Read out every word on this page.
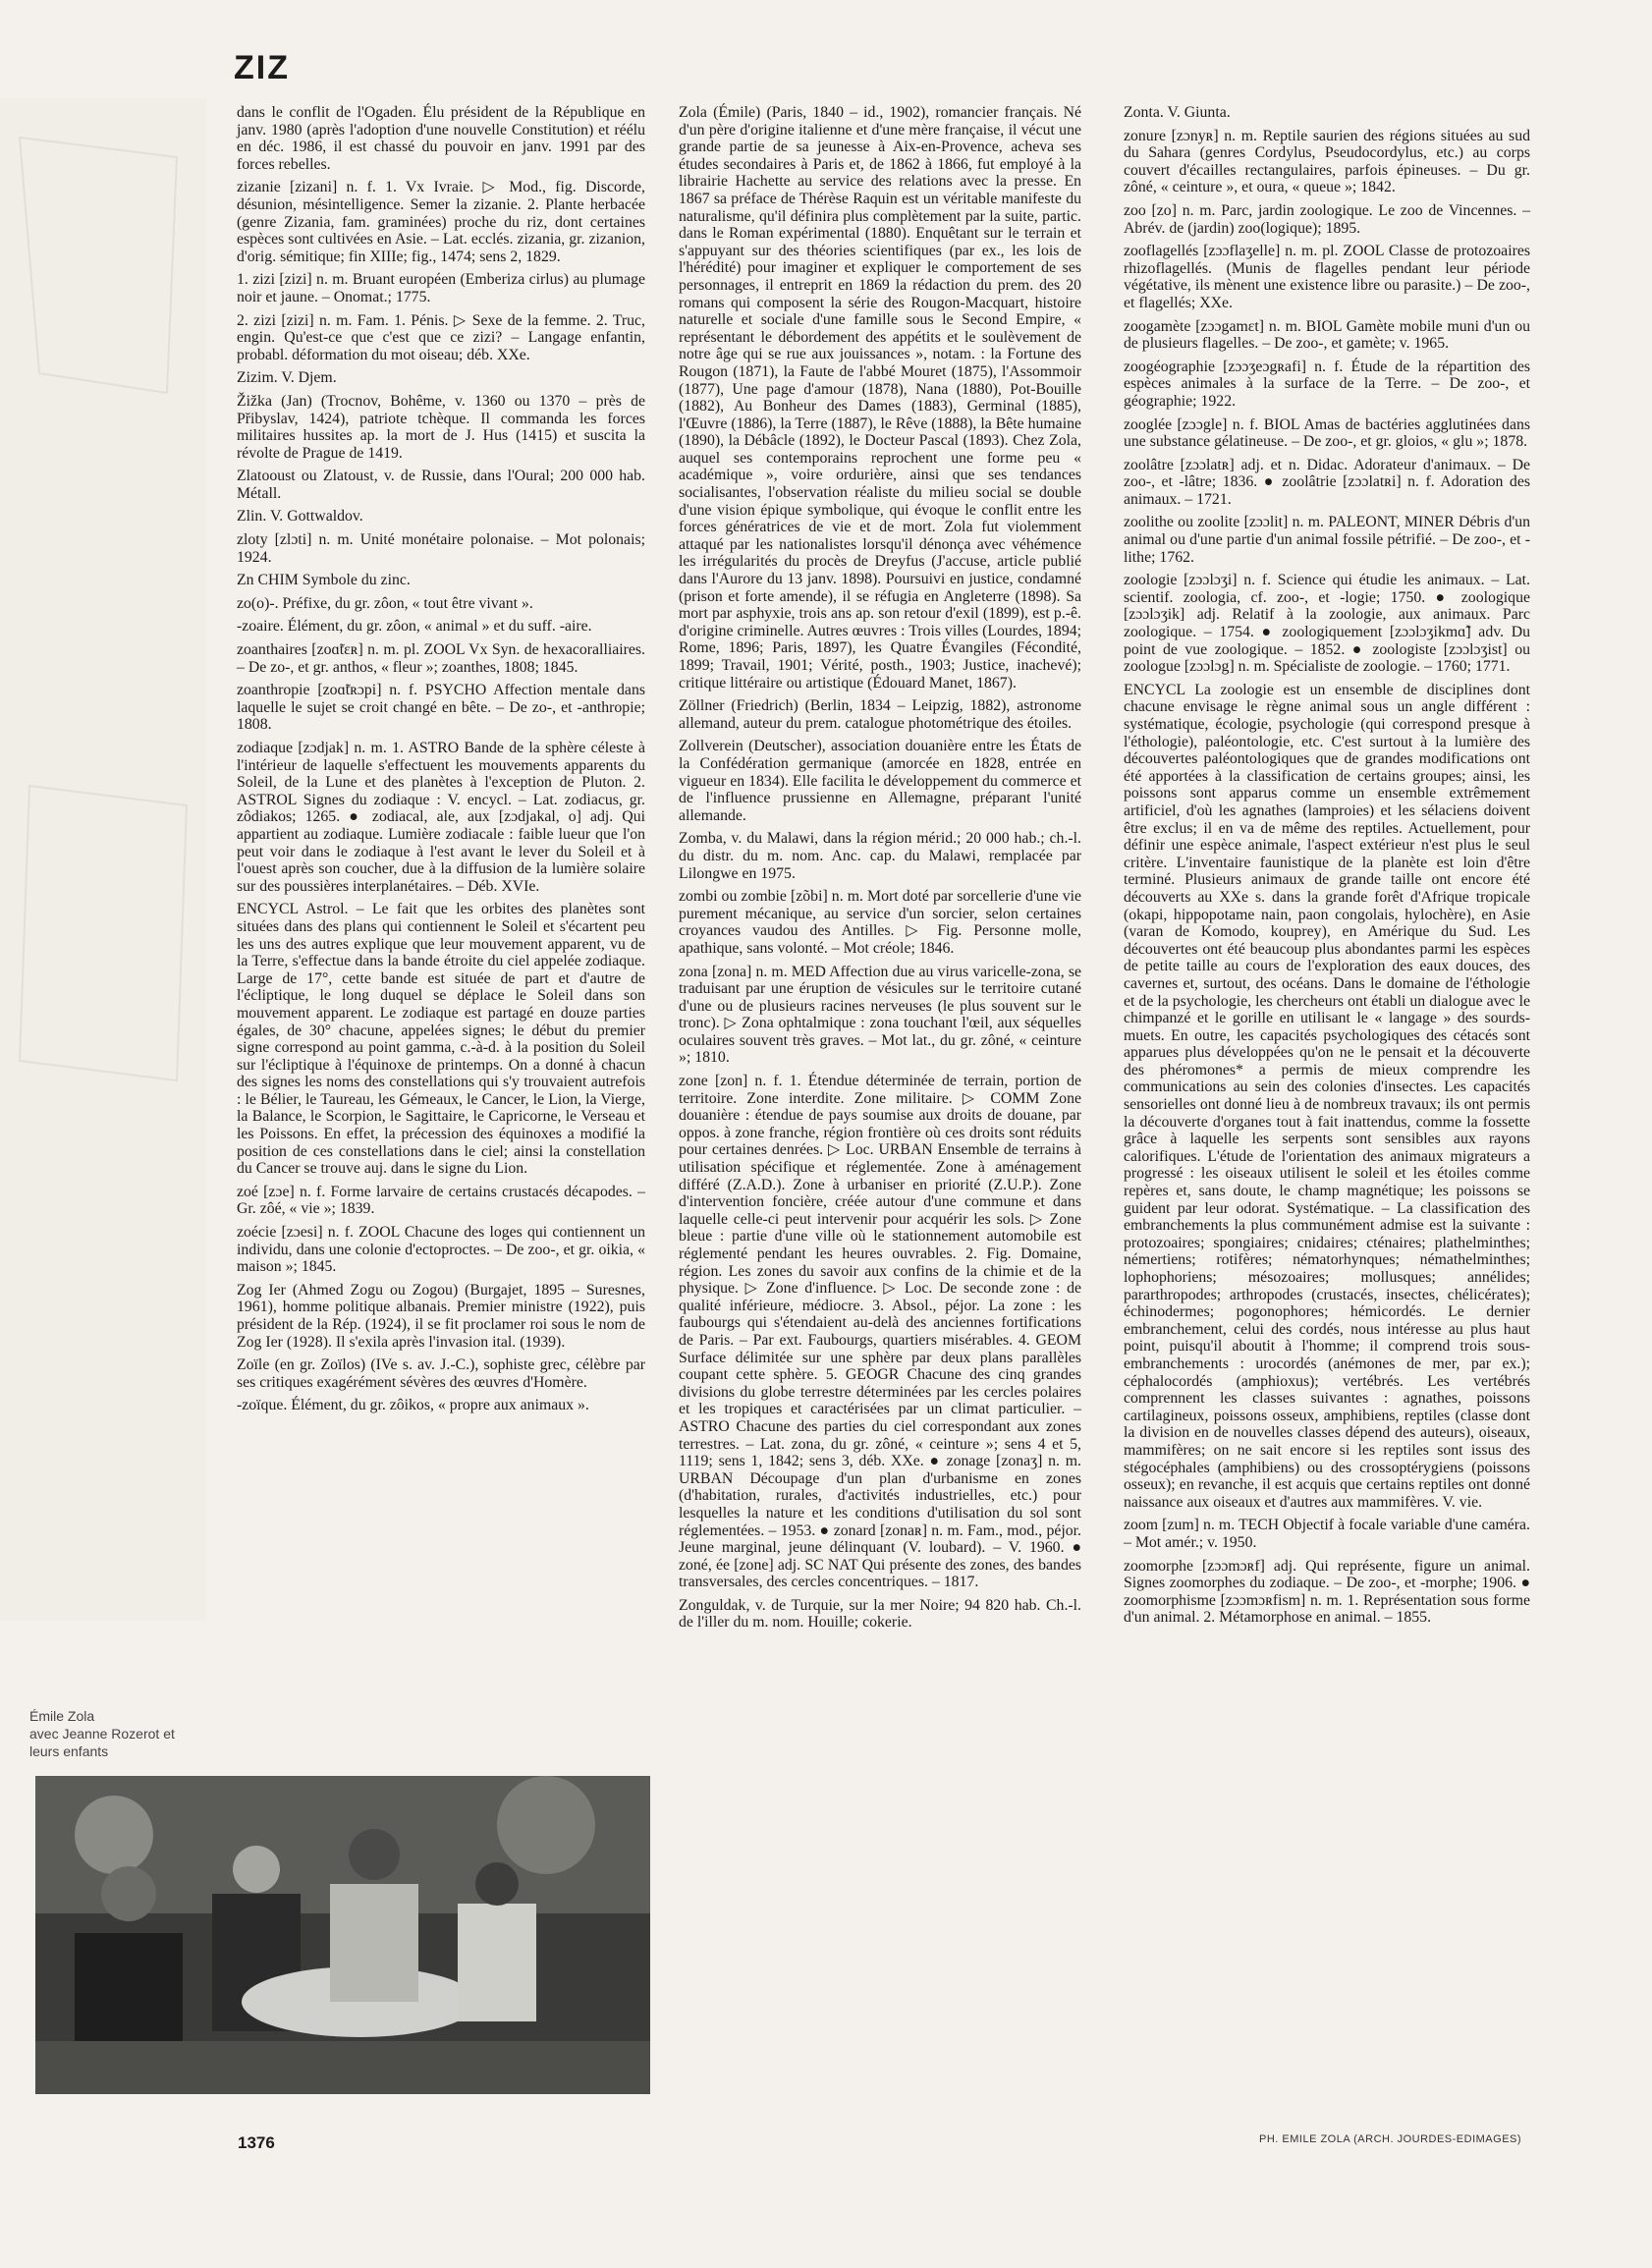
ZIZ

dans le conflit de l'Ogaden. Élu président de la République en janv. 1980 (après l'adoption d'une nouvelle Constitution) et réélu en déc. 1986, il est chassé du pouvoir en janv. 1991 par des forces rebelles.

zizanie [zizani] n. f. 1. Vx Ivraie. ▷ Mod., fig. Discorde, désunion, mésintelligence. Semer la zizanie. 2. Plante herbacée (genre Zizania, fam. graminées) proche du riz, dont certaines espèces sont cultivées en Asie. – Lat. ecclés. zizania, gr. zizanion, d'orig. sémitique; fin XIIIe; fig., 1474; sens 2, 1829.

1. zizi [zizi] n. m. Bruant européen (Emberiza cirlus) au plumage noir et jaune. – Onomat.; 1775.

2. zizi [zizi] n. m. Fam. 1. Pénis. ▷ Sexe de la femme. 2. Truc, engin. Qu'est-ce que c'est que ce zizi? – Langage enfantin, probabl. déformation du mot oiseau; déb. XXe.

Zizim. V. Djem.

Žižka (Jan) (Trocnov, Bohême, v. 1360 ou 1370 – près de Přibyslav, 1424), patriote tchèque. Il commanda les forces militaires hussites ap. la mort de J. Hus (1415) et suscita la révolte de Prague de 1419.

Zlatooust ou Zlatoust, v. de Russie, dans l'Oural; 200 000 hab. Métall.

Zlin. V. Gottwaldov.

zloty [zlɔti] n. m. Unité monétaire polonaise. – Mot polonais; 1924.

Zn CHIM Symbole du zinc.

zo(o)-. Préfixe, du gr. zôon, « tout être vivant ».

-zoaire. Élément, du gr. zôon, « animal » et du suff. -aire.

zoanthaires [zoɑ̃tɛʀ] n. m. pl. ZOOL Vx Syn. de hexacoralliaires. – De zo-, et gr. anthos, « fleur »; zoanthes, 1808; 1845.

zoanthropie [zoɑ̃tʀɔpi] n. f. PSYCHO Affection mentale dans laquelle le sujet se croit changé en bête. – De zo-, et -anthropie; 1808.

zodiaque [zɔdjak] n. m. 1. ASTRO Bande de la sphère céleste à l'intérieur de laquelle s'effectuent les mouvements apparents du Soleil, de la Lune et des planètes à l'exception de Pluton. 2. ASTROL Signes du zodiaque : V. encycl. – Lat. zodiacus, gr. zôdiakos; 1265. ● zodiacal, ale, aux [zɔdjakal, o] adj. Qui appartient au zodiaque. Lumière zodiacale : faible lueur que l'on peut voir dans le zodiaque à l'est avant le lever du Soleil et à l'ouest après son coucher, due à la diffusion de la lumière solaire sur des poussières interplanétaires. – Déb. XVIe.

ENCYCL Astrol. – Le fait que les orbites des planètes sont situées dans des plans qui contiennent le Soleil et s'écartent peu les uns des autres explique que leur mouvement apparent, vu de la Terre, s'effectue dans la bande étroite du ciel appelée zodiaque. Large de 17°, cette bande est située de part et d'autre de l'écliptique, le long duquel se déplace le Soleil dans son mouvement apparent. Le zodiaque est partagé en douze parties égales, de 30° chacune, appelées signes; le début du premier signe correspond au point gamma, c.-à-d. à la position du Soleil sur l'écliptique à l'équinoxe de printemps. On a donné à chacun des signes les noms des constellations qui s'y trouvaient autrefois : le Bélier, le Taureau, les Gémeaux, le Cancer, le Lion, la Vierge, la Balance, le Scorpion, le Sagittaire, le Capricorne, le Verseau et les Poissons. En effet, la précession des équinoxes a modifié la position de ces constellations dans le ciel; ainsi la constellation du Cancer se trouve auj. dans le signe du Lion.

zoé [zɔe] n. f. Forme larvaire de certains crustacés décapodes. – Gr. zôé, « vie »; 1839.

zoécie [zɔesi] n. f. ZOOL Chacune des loges qui contiennent un individu, dans une colonie d'ectoproctes. – De zoo-, et gr. oikia, « maison »; 1845.

Zog Ier (Ahmed Zogu ou Zogou) (Burgajet, 1895 – Suresnes, 1961), homme politique albanais. Premier ministre (1922), puis président de la Rép. (1924), il se fit proclamer roi sous le nom de Zog Ier (1928). Il s'exila après l'invasion ital. (1939).

Zoïle (en gr. Zoïlos) (IVe s. av. J.-C.), sophiste grec, célèbre par ses critiques exagérément sévères des œuvres d'Homère.

-zoïque. Élément, du gr. zôikos, « propre aux animaux ».

Zola (Émile) (Paris, 1840 – id., 1902), romancier français. Né d'un père d'origine italienne et d'une mère française, il vécut une grande partie de sa jeunesse à Aix-en-Provence, acheva ses études secondaires à Paris et, de 1862 à 1866, fut employé à la librairie Hachette au service des relations avec la presse. En 1867 sa préface de Thérèse Raquin est un véritable manifeste du naturalisme, qu'il définira plus complètement par la suite, partic. dans le Roman expérimental (1880). Enquêtant sur le terrain et s'appuyant sur des théories scientifiques (par ex., les lois de l'hérédité) pour imaginer et expliquer le comportement de ses personnages, il entreprit en 1869 la rédaction du prem. des 20 romans qui composent la série des Rougon-Macquart, histoire naturelle et sociale d'une famille sous le Second Empire, « représentant le débordement des appétits et le soulèvement de notre âge qui se rue aux jouissances », notam. : la Fortune des Rougon (1871), la Faute de l'abbé Mouret (1875), l'Assommoir (1877), Une page d'amour (1878), Nana (1880), Pot-Bouille (1882), Au Bonheur des Dames (1883), Germinal (1885), l'Œuvre (1886), la Terre (1887), le Rêve (1888), la Bête humaine (1890), la Débâcle (1892), le Docteur Pascal (1893). Chez Zola, auquel ses contemporains reprochent une forme peu « académique », voire ordurière, ainsi que ses tendances socialisantes, l'observation réaliste du milieu social se double d'une vision épique symbolique, qui évoque le conflit entre les forces génératrices de vie et de mort. Zola fut violemment attaqué par les nationalistes lorsqu'il dénonça avec véhémence les irrégularités du procès de Dreyfus (J'accuse, article publié dans l'Aurore du 13 janv. 1898). Poursuivi en justice, condamné (prison et forte amende), il se réfugia en Angleterre (1898). Sa mort par asphyxie, trois ans ap. son retour d'exil (1899), est p.-ê. d'origine criminelle. Autres œuvres : Trois villes (Lourdes, 1894; Rome, 1896; Paris, 1897), les Quatre Évangiles (Fécondité, 1899; Travail, 1901; Vérité, posth., 1903; Justice, inachevé); critique littéraire ou artistique (Édouard Manet, 1867).

Zöllner (Friedrich) (Berlin, 1834 – Leipzig, 1882), astronome allemand, auteur du prem. catalogue photométrique des étoiles.

Zollverein (Deutscher), association douanière entre les États de la Confédération germanique (amorcée en 1828, entrée en vigueur en 1834). Elle facilita le développement du commerce et de l'influence prussienne en Allemagne, préparant l'unité allemande.

Zomba, v. du Malawi, dans la région mérid.; 20 000 hab.; ch.-l. du distr. du m. nom. Anc. cap. du Malawi, remplacée par Lilongwe en 1975.

zombi ou zombie [zõbi] n. m. Mort doté par sorcellerie d'une vie purement mécanique, au service d'un sorcier, selon certaines croyances vaudou des Antilles. ▷ Fig. Personne molle, apathique, sans volonté. – Mot créole; 1846.

zona [zona] n. m. MED Affection due au virus varicelle-zona, se traduisant par une éruption de vésicules sur le territoire cutané d'une ou de plusieurs racines nerveuses (le plus souvent sur le tronc). ▷ Zona ophtalmique : zona touchant l'œil, aux séquelles oculaires souvent très graves. – Mot lat., du gr. zôné, « ceinture »; 1810.

zone [zon] n. f. 1. Étendue déterminée de terrain, portion de territoire. Zone interdite. Zone militaire. ▷ COMM Zone douanière : étendue de pays soumise aux droits de douane, par oppos. à zone franche, région frontière où ces droits sont réduits pour certaines denrées. ▷ Loc. URBAN Ensemble de terrains à utilisation spécifique et réglementée. Zone à aménagement différé (Z.A.D.). Zone à urbaniser en priorité (Z.U.P.). Zone d'intervention foncière, créée autour d'une commune et dans laquelle celle-ci peut intervenir pour acquérir les sols. ▷ Zone bleue : partie d'une ville où le stationnement automobile est réglementé pendant les heures ouvrables. 2. Fig. Domaine, région. Les zones du savoir aux confins de la chimie et de la physique. ▷ Zone d'influence. ▷ Loc. De seconde zone : de qualité inférieure, médiocre. 3. Absol., péjor. La zone : les faubourgs qui s'étendaient au-delà des anciennes fortifications de Paris. – Par ext. Faubourgs, quartiers misérables. 4. GEOM Surface délimitée sur une sphère par deux plans parallèles coupant cette sphère. 5. GEOGR Chacune des cinq grandes divisions du globe terrestre déterminées par les cercles polaires et les tropiques et caractérisées par un climat particulier. – ASTRO Chacune des parties du ciel correspondant aux zones terrestres. – Lat. zona, du gr. zôné, « ceinture »; sens 4 et 5, 1119; sens 1, 1842; sens 3, déb. XXe. ● zonage [zonaʒ] n. m. URBAN Découpage d'un plan d'urbanisme en zones (d'habitation, rurales, d'activités industrielles, etc.) pour lesquelles la nature et les conditions d'utilisation du sol sont réglementées. – 1953. ● zonard [zonaʀ] n. m. Fam., mod., péjor. Jeune marginal, jeune délinquant (V. loubard). – V. 1960. ● zoné, ée [zone] adj. SC NAT Qui présente des zones, des bandes transversales, des cercles concentriques. – 1817.

Zonguldak, v. de Turquie, sur la mer Noire; 94 820 hab. Ch.-l. de l'iller du m. nom. Houille; cokerie.

Zonta. V. Giunta.

zonure [zɔnyʀ] n. m. Reptile saurien des régions situées au sud du Sahara (genres Cordylus, Pseudocordylus, etc.) au corps couvert d'écailles rectangulaires, parfois épineuses. – Du gr. zôné, « ceinture », et oura, « queue »; 1842.

zoo [zo] n. m. Parc, jardin zoologique. Le zoo de Vincennes. – Abrév. de (jardin) zoo(logique); 1895.

zooflagellés [zɔɔflaʒelle] n. m. pl. ZOOL Classe de protozoaires rhizoflagellés. (Munis de flagelles pendant leur période végétative, ils mènent une existence libre ou parasite.) – De zoo-, et flagellés; XXe.

zoogamète [zɔɔgamɛt] n. m. BIOL Gamète mobile muni d'un ou de plusieurs flagelles. – De zoo-, et gamète; v. 1965.

zoogéographie [zɔɔʒeɔgʀafi] n. f. Étude de la répartition des espèces animales à la surface de la Terre. – De zoo-, et géographie; 1922.

zooglée [zɔɔgle] n. f. BIOL Amas de bactéries agglutinées dans une substance gélatineuse. – De zoo-, et gr. gloios, « glu »; 1878.

zoolâtre [zɔɔlatʀ] adj. et n. Didac. Adorateur d'animaux. – De zoo-, et -lâtre; 1836. ● zoolâtrie [zɔɔlatʀi] n. f. Adoration des animaux. – 1721.

zoolithe ou zoolite [zɔɔlit] n. m. PALEONT, MINER Débris d'un animal ou d'une partie d'un animal fossile pétrifié. – De zoo-, et -lithe; 1762.

zoologie [zɔɔlɔʒi] n. f. Science qui étudie les animaux. – Lat. scientif. zoologia, cf. zoo-, et -logie; 1750. ● zoologique [zɔɔlɔʒik] adj. Relatif à la zoologie, aux animaux. Parc zoologique. – 1754. ● zoologiquement [zɔɔlɔʒikmɑ̃] adv. Du point de vue zoologique. – 1852. ● zoologiste [zɔɔlɔʒist] ou zoologue [zɔɔlɔg] n. m. Spécialiste de zoologie. – 1760; 1771.

ENCYCL La zoologie est un ensemble de disciplines dont chacune envisage le règne animal sous un angle différent : systématique, écologie, psychologie (qui correspond presque à l'éthologie), paléontologie, etc. C'est surtout à la lumière des découvertes paléontologiques que de grandes modifications ont été apportées à la classification de certains groupes; ainsi, les poissons sont apparus comme un ensemble extrêmement artificiel, d'où les agnathes (lamproies) et les sélaciens doivent être exclus; il en va de même des reptiles. Actuellement, pour définir une espèce animale, l'aspect extérieur n'est plus le seul critère. L'inventaire faunistique de la planète est loin d'être terminé. Plusieurs animaux de grande taille ont encore été découverts au XXe s. dans la grande forêt d'Afrique tropicale (okapi, hippopotame nain, paon congolais, hylochère), en Asie (varan de Komodo, kouprey), en Amérique du Sud. Les découvertes ont été beaucoup plus abondantes parmi les espèces de petite taille au cours de l'exploration des eaux douces, des cavernes et, surtout, des océans. Dans le domaine de l'éthologie et de la psychologie, les chercheurs ont établi un dialogue avec le chimpanzé et le gorille en utilisant le « langage » des sourds-muets. En outre, les capacités psychologiques des cétacés sont apparues plus développées qu'on ne le pensait et la découverte des phéromones* a permis de mieux comprendre les communications au sein des colonies d'insectes. Les capacités sensorielles ont donné lieu à de nombreux travaux; ils ont permis la découverte d'organes tout à fait inattendus, comme la fossette grâce à laquelle les serpents sont sensibles aux rayons calorifiques. L'étude de l'orientation des animaux migrateurs a progressé : les oiseaux utilisent le soleil et les étoiles comme repères et, sans doute, le champ magnétique; les poissons se guident par leur odorat. Systématique. – La classification des embranchements la plus communément admise est la suivante : protozoaires; spongiaires; cnidaires; cténaires; plathelminthes; némertiens; rotifères; nématorhynques; némathelminthes; lophophoriens; mésozoaires; mollusques; annélides; pararthropodes; arthropodes (crustacés, insectes, chélicérates); échinodermes; pogonophores; hémicordés. Le dernier embranchement, celui des cordés, nous intéresse au plus haut point, puisqu'il aboutit à l'homme; il comprend trois sous-embranchements : urocordés (anémones de mer, par ex.); céphalocordés (amphioxus); vertébrés. Les vertébrés comprennent les classes suivantes : agnathes, poissons cartilagineux, poissons osseux, amphibiens, reptiles (classe dont la division en de nouvelles classes dépend des auteurs), oiseaux, mammifères; on ne sait encore si les reptiles sont issus des stégocéphales (amphibiens) ou des crossoptérygiens (poissons osseux); en revanche, il est acquis que certains reptiles ont donné naissance aux oiseaux et d'autres aux mammifères. V. vie.

zoom [zum] n. m. TECH Objectif à focale variable d'une caméra. – Mot amér.; v. 1950.

zoomorphe [zɔɔmɔʀf] adj. Qui représente, figure un animal. Signes zoomorphes du zodiaque. – De zoo-, et -morphe; 1906. ● zoomorphisme [zɔɔmɔʀfism] n. m. 1. Représentation sous forme d'un animal. 2. Métamorphose en animal. – 1855.

Émile Zola
avec Jeanne Rozerot et leurs enfants
1376	PH. EMILE ZOLA (ARCH. JOURDES-EDIMAGES)
